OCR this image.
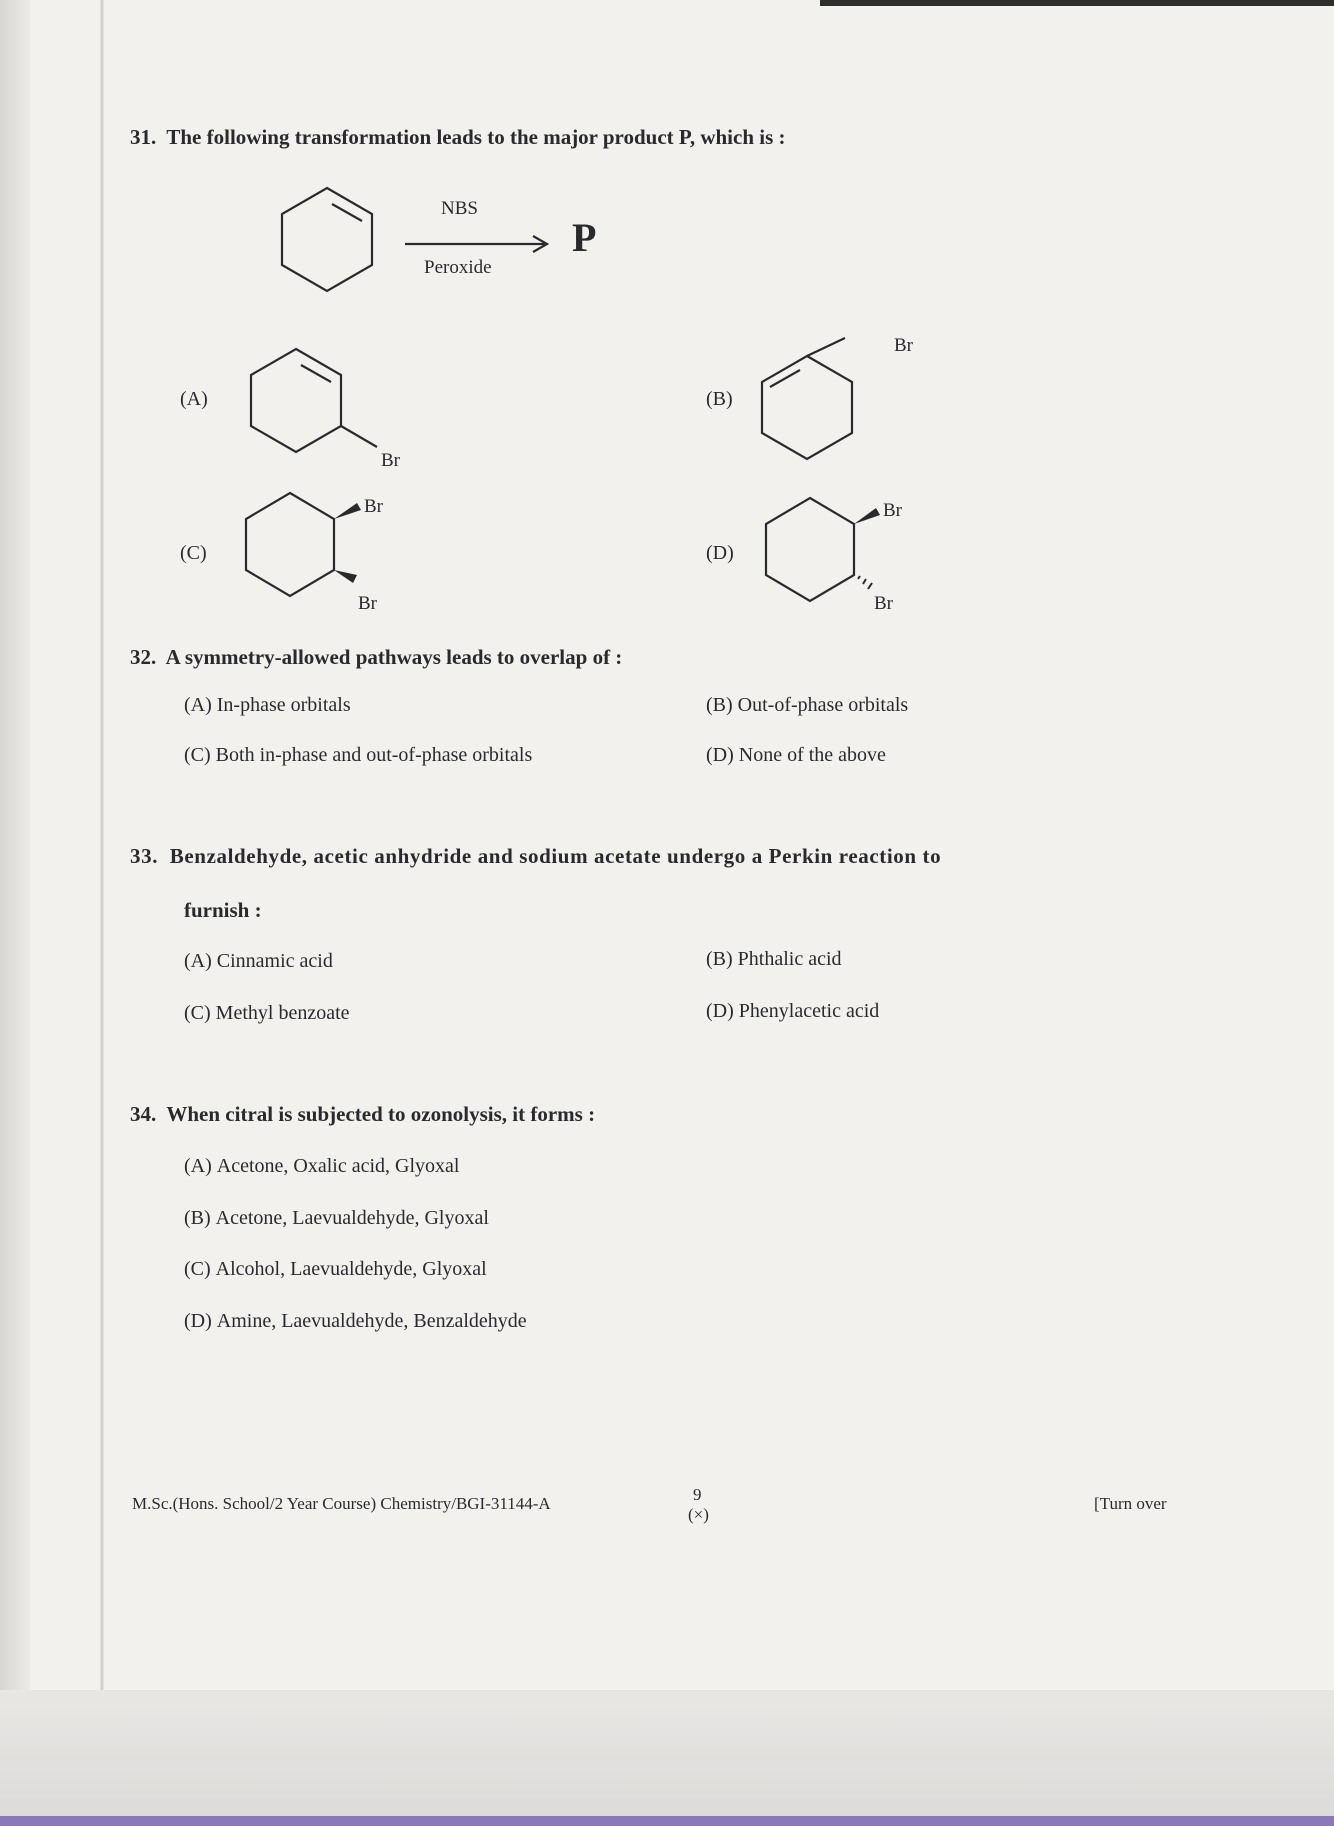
31. The following transformation leads to the major product P, which is :
NBS
Peroxide
P
(A)
Br
(B)
Br
(C)
Br
Br
(D)
Br
Br
32. A symmetry-allowed pathways leads to overlap of :
(A) In-phase orbitals	(B) Out-of-phase orbitals
(C) Both in-phase and out-of-phase orbitals	(D) None of the above
33. Benzaldehyde, acetic anhydride and sodium acetate undergo a Perkin reaction to
furnish :
(A) Cinnamic acid	(B) Phthalic acid
(C) Methyl benzoate	(D) Phenylacetic acid
34. When citral is subjected to ozonolysis, it forms :
(A) Acetone, Oxalic acid, Glyoxal
(B) Acetone, Laevualdehyde, Glyoxal
(C) Alcohol, Laevualdehyde, Glyoxal
(D) Amine, Laevualdehyde, Benzaldehyde
M.Sc.(Hons. School/2 Year Course) Chemistry/BGI-31144-A	9
(×)
[Turn over
